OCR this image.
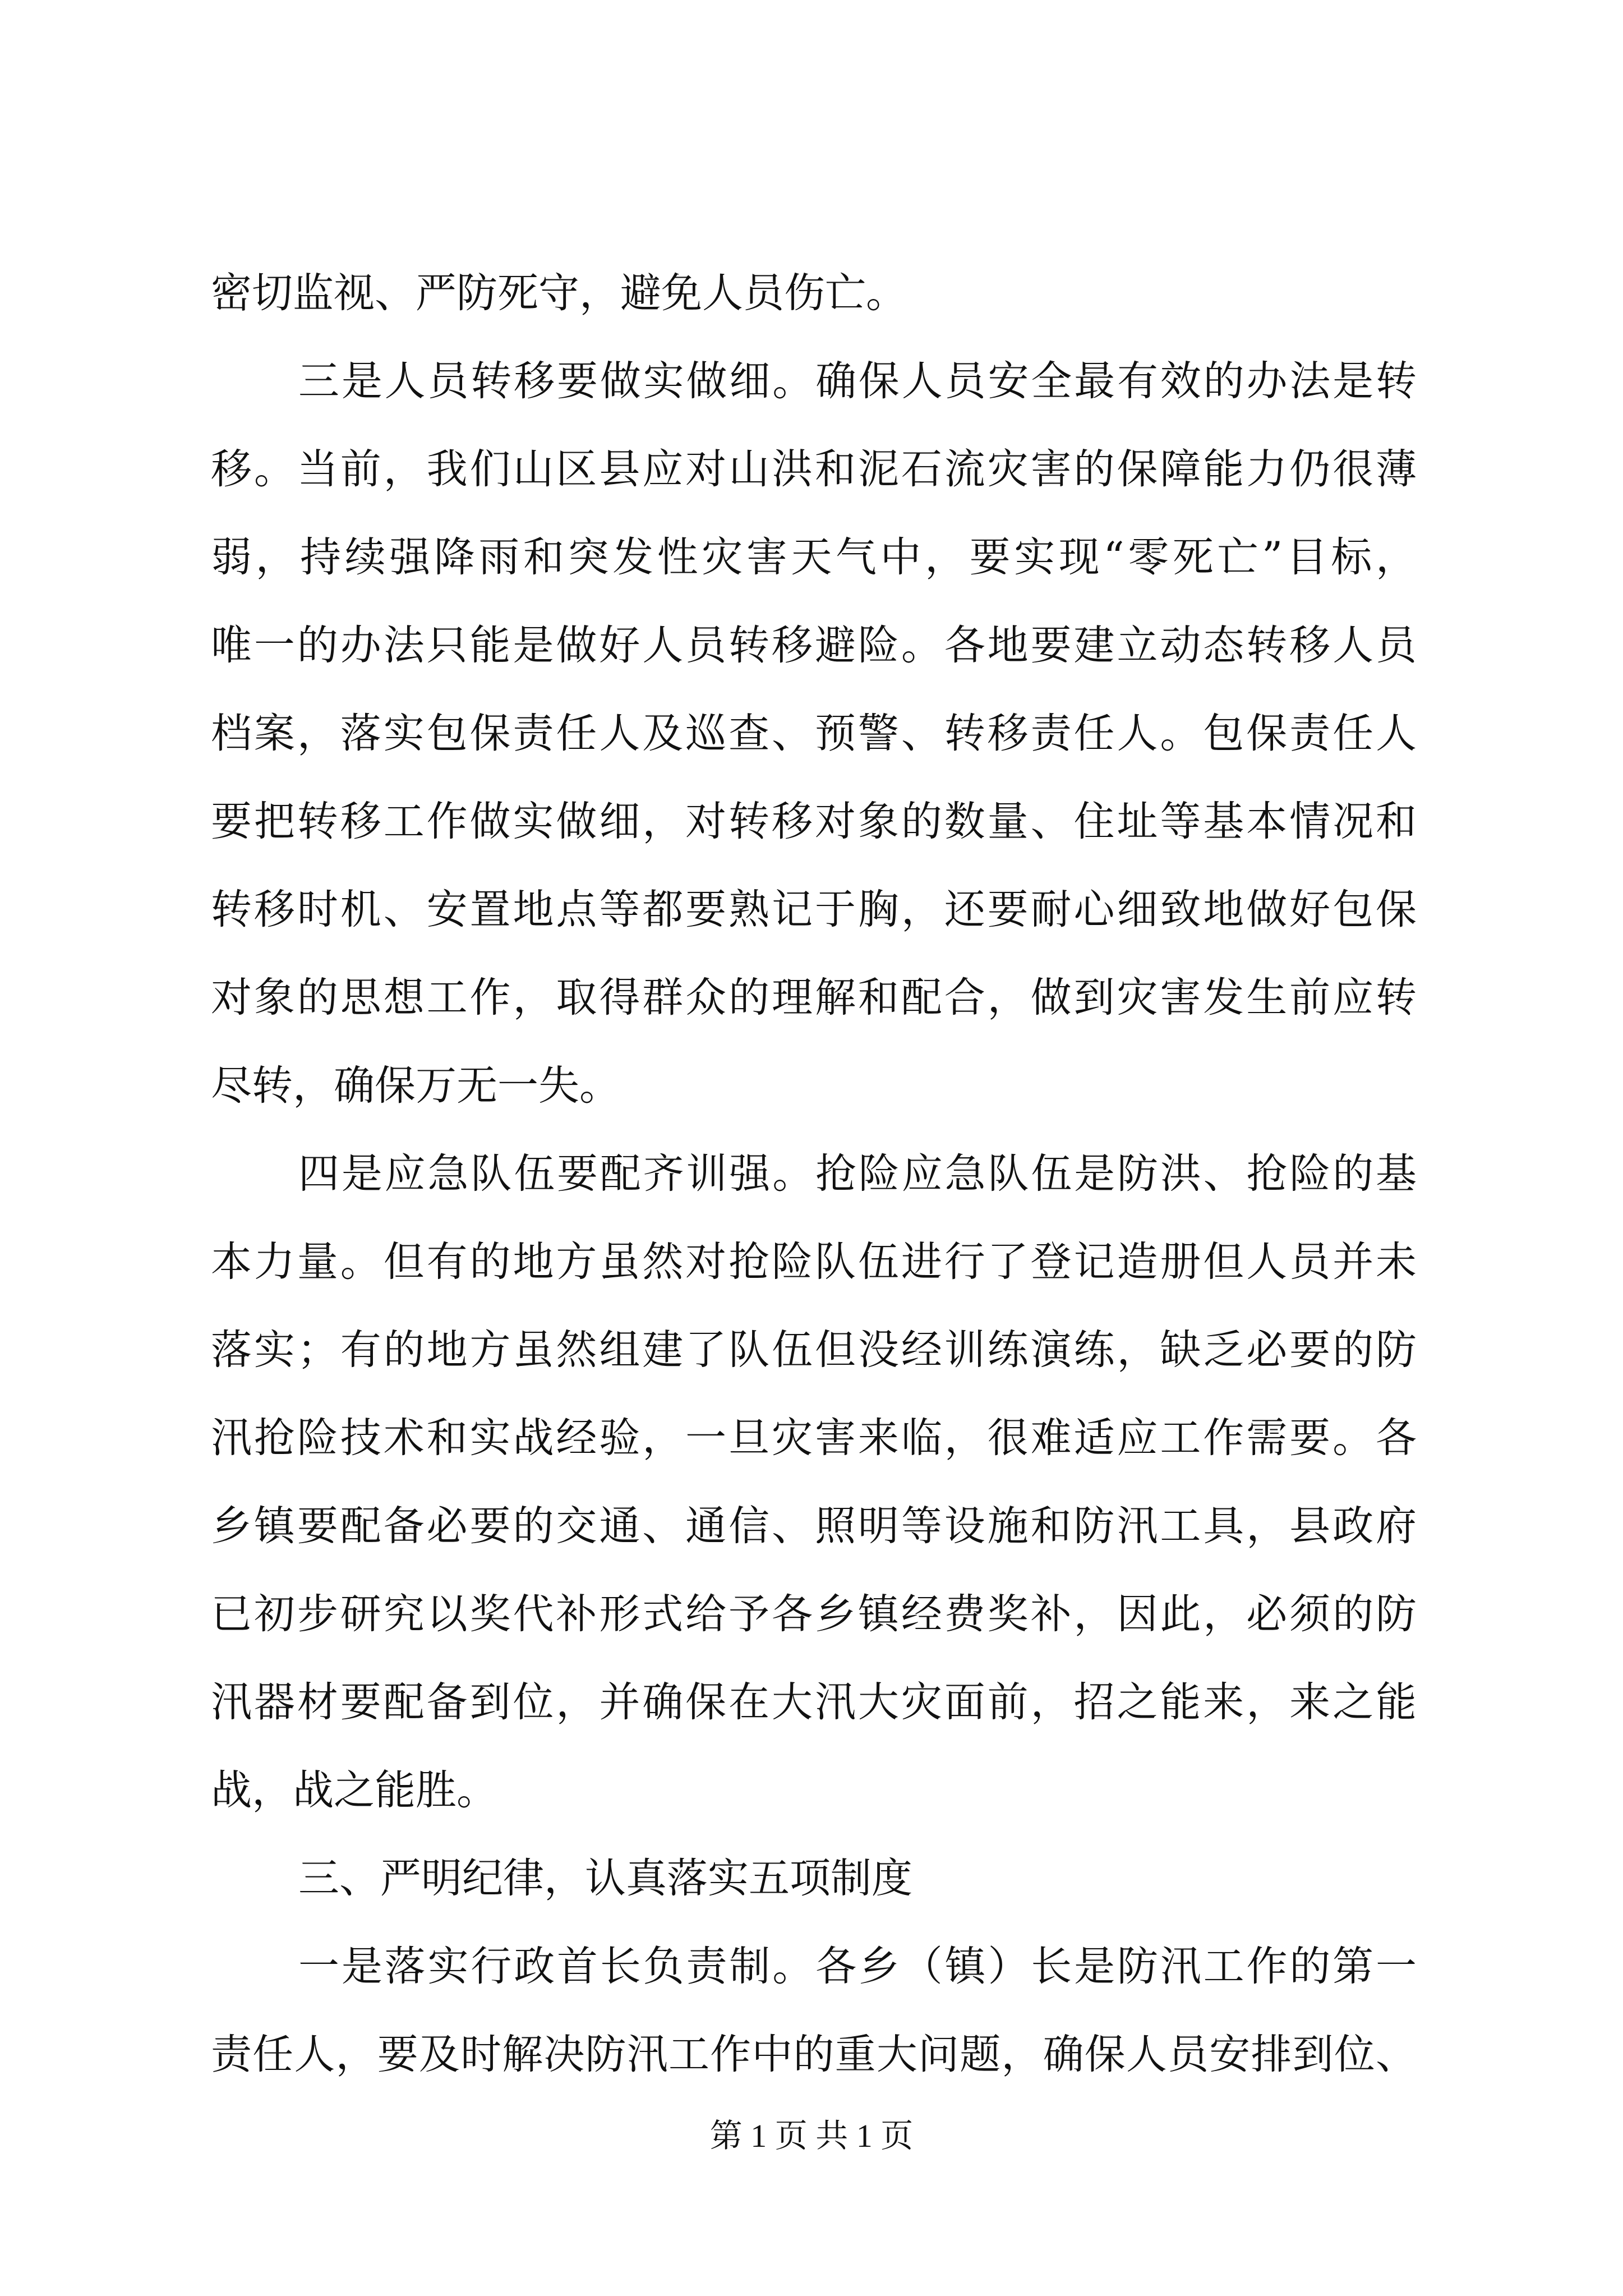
密切监视、严防死守，避免人员伤亡。
三是人员转移要做实做细。确保人员安全最有效的办法是转
移。当前，我们山区县应对山洪和泥石流灾害的保障能力仍很薄
弱，持续强降雨和突发性灾害天气中，要实现“零死亡”目标，
唯一的办法只能是做好人员转移避险。各地要建立动态转移人员
档案，落实包保责任人及巡查、预警、转移责任人。包保责任人
要把转移工作做实做细，对转移对象的数量、住址等基本情况和
转移时机、安置地点等都要熟记于胸，还要耐心细致地做好包保
对象的思想工作，取得群众的理解和配合，做到灾害发生前应转
尽转，确保万无一失。
四是应急队伍要配齐训强。抢险应急队伍是防洪、抢险的基
本力量。但有的地方虽然对抢险队伍进行了登记造册但人员并未
落实；有的地方虽然组建了队伍但没经训练演练，缺乏必要的防
汛抢险技术和实战经验，一旦灾害来临，很难适应工作需要。各
乡镇要配备必要的交通、通信、照明等设施和防汛工具，县政府
已初步研究以奖代补形式给予各乡镇经费奖补，因此，必须的防
汛器材要配备到位，并确保在大汛大灾面前，招之能来，来之能
战，战之能胜。
三、严明纪律，认真落实五项制度
一是落实行政首长负责制。各乡（镇）长是防汛工作的第一
责任人，要及时解决防汛工作中的重大问题，确保人员安排到位、
第 1 页 共 1 页
